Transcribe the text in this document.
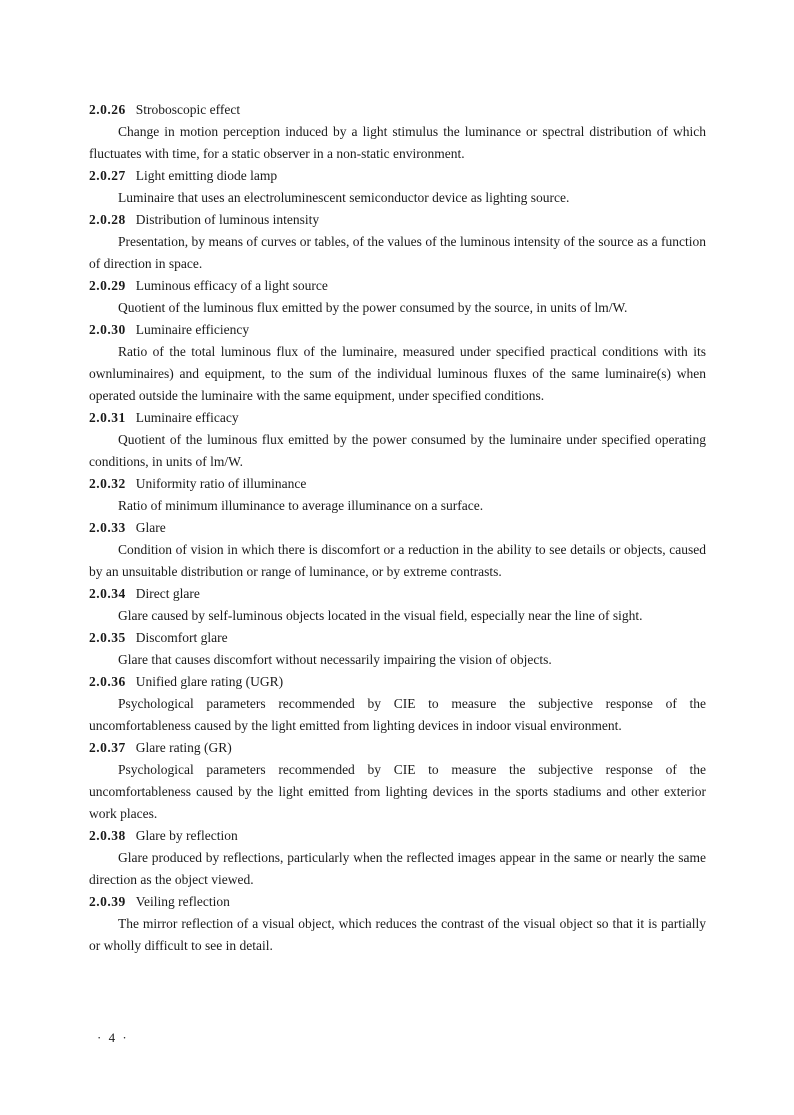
2.0.26 Stroboscopic effect

Change in motion perception induced by a light stimulus the luminance or spectral distribution of which fluctuates with time, for a static observer in a non-static environment.

2.0.27 Light emitting diode lamp

Luminaire that uses an electroluminescent semiconductor device as lighting source.

2.0.28 Distribution of luminous intensity

Presentation, by means of curves or tables, of the values of the luminous intensity of the source as a function of direction in space.

2.0.29 Luminous efficacy of a light source

Quotient of the luminous flux emitted by the power consumed by the source, in units of lm/W.

2.0.30 Luminaire efficiency

Ratio of the total luminous flux of the luminaire, measured under specified practical conditions with its ownluminaires) and equipment, to the sum of the individual luminous fluxes of the same luminaire(s) when operated outside the luminaire with the same equipment, under specified conditions.

2.0.31 Luminaire efficacy

Quotient of the luminous flux emitted by the power consumed by the luminaire under specified operating conditions, in units of lm/W.

2.0.32 Uniformity ratio of illuminance

Ratio of minimum illuminance to average illuminance on a surface.

2.0.33 Glare

Condition of vision in which there is discomfort or a reduction in the ability to see details or objects, caused by an unsuitable distribution or range of luminance, or by extreme contrasts.

2.0.34 Direct glare

Glare caused by self-luminous objects located in the visual field, especially near the line of sight.

2.0.35 Discomfort glare

Glare that causes discomfort without necessarily impairing the vision of objects.

2.0.36 Unified glare rating (UGR)

Psychological parameters recommended by CIE to measure the subjective response of the uncomfortableness caused by the light emitted from lighting devices in indoor visual environment.

2.0.37 Glare rating (GR)

Psychological parameters recommended by CIE to measure the subjective response of the uncomfortableness caused by the light emitted from lighting devices in the sports stadiums and other exterior work places.

2.0.38 Glare by reflection

Glare produced by reflections, particularly when the reflected images appear in the same or nearly the same direction as the object viewed.

2.0.39 Veiling reflection

The mirror reflection of a visual object, which reduces the contrast of the visual object so that it is partially or wholly difficult to see in detail.

· 4 ·
